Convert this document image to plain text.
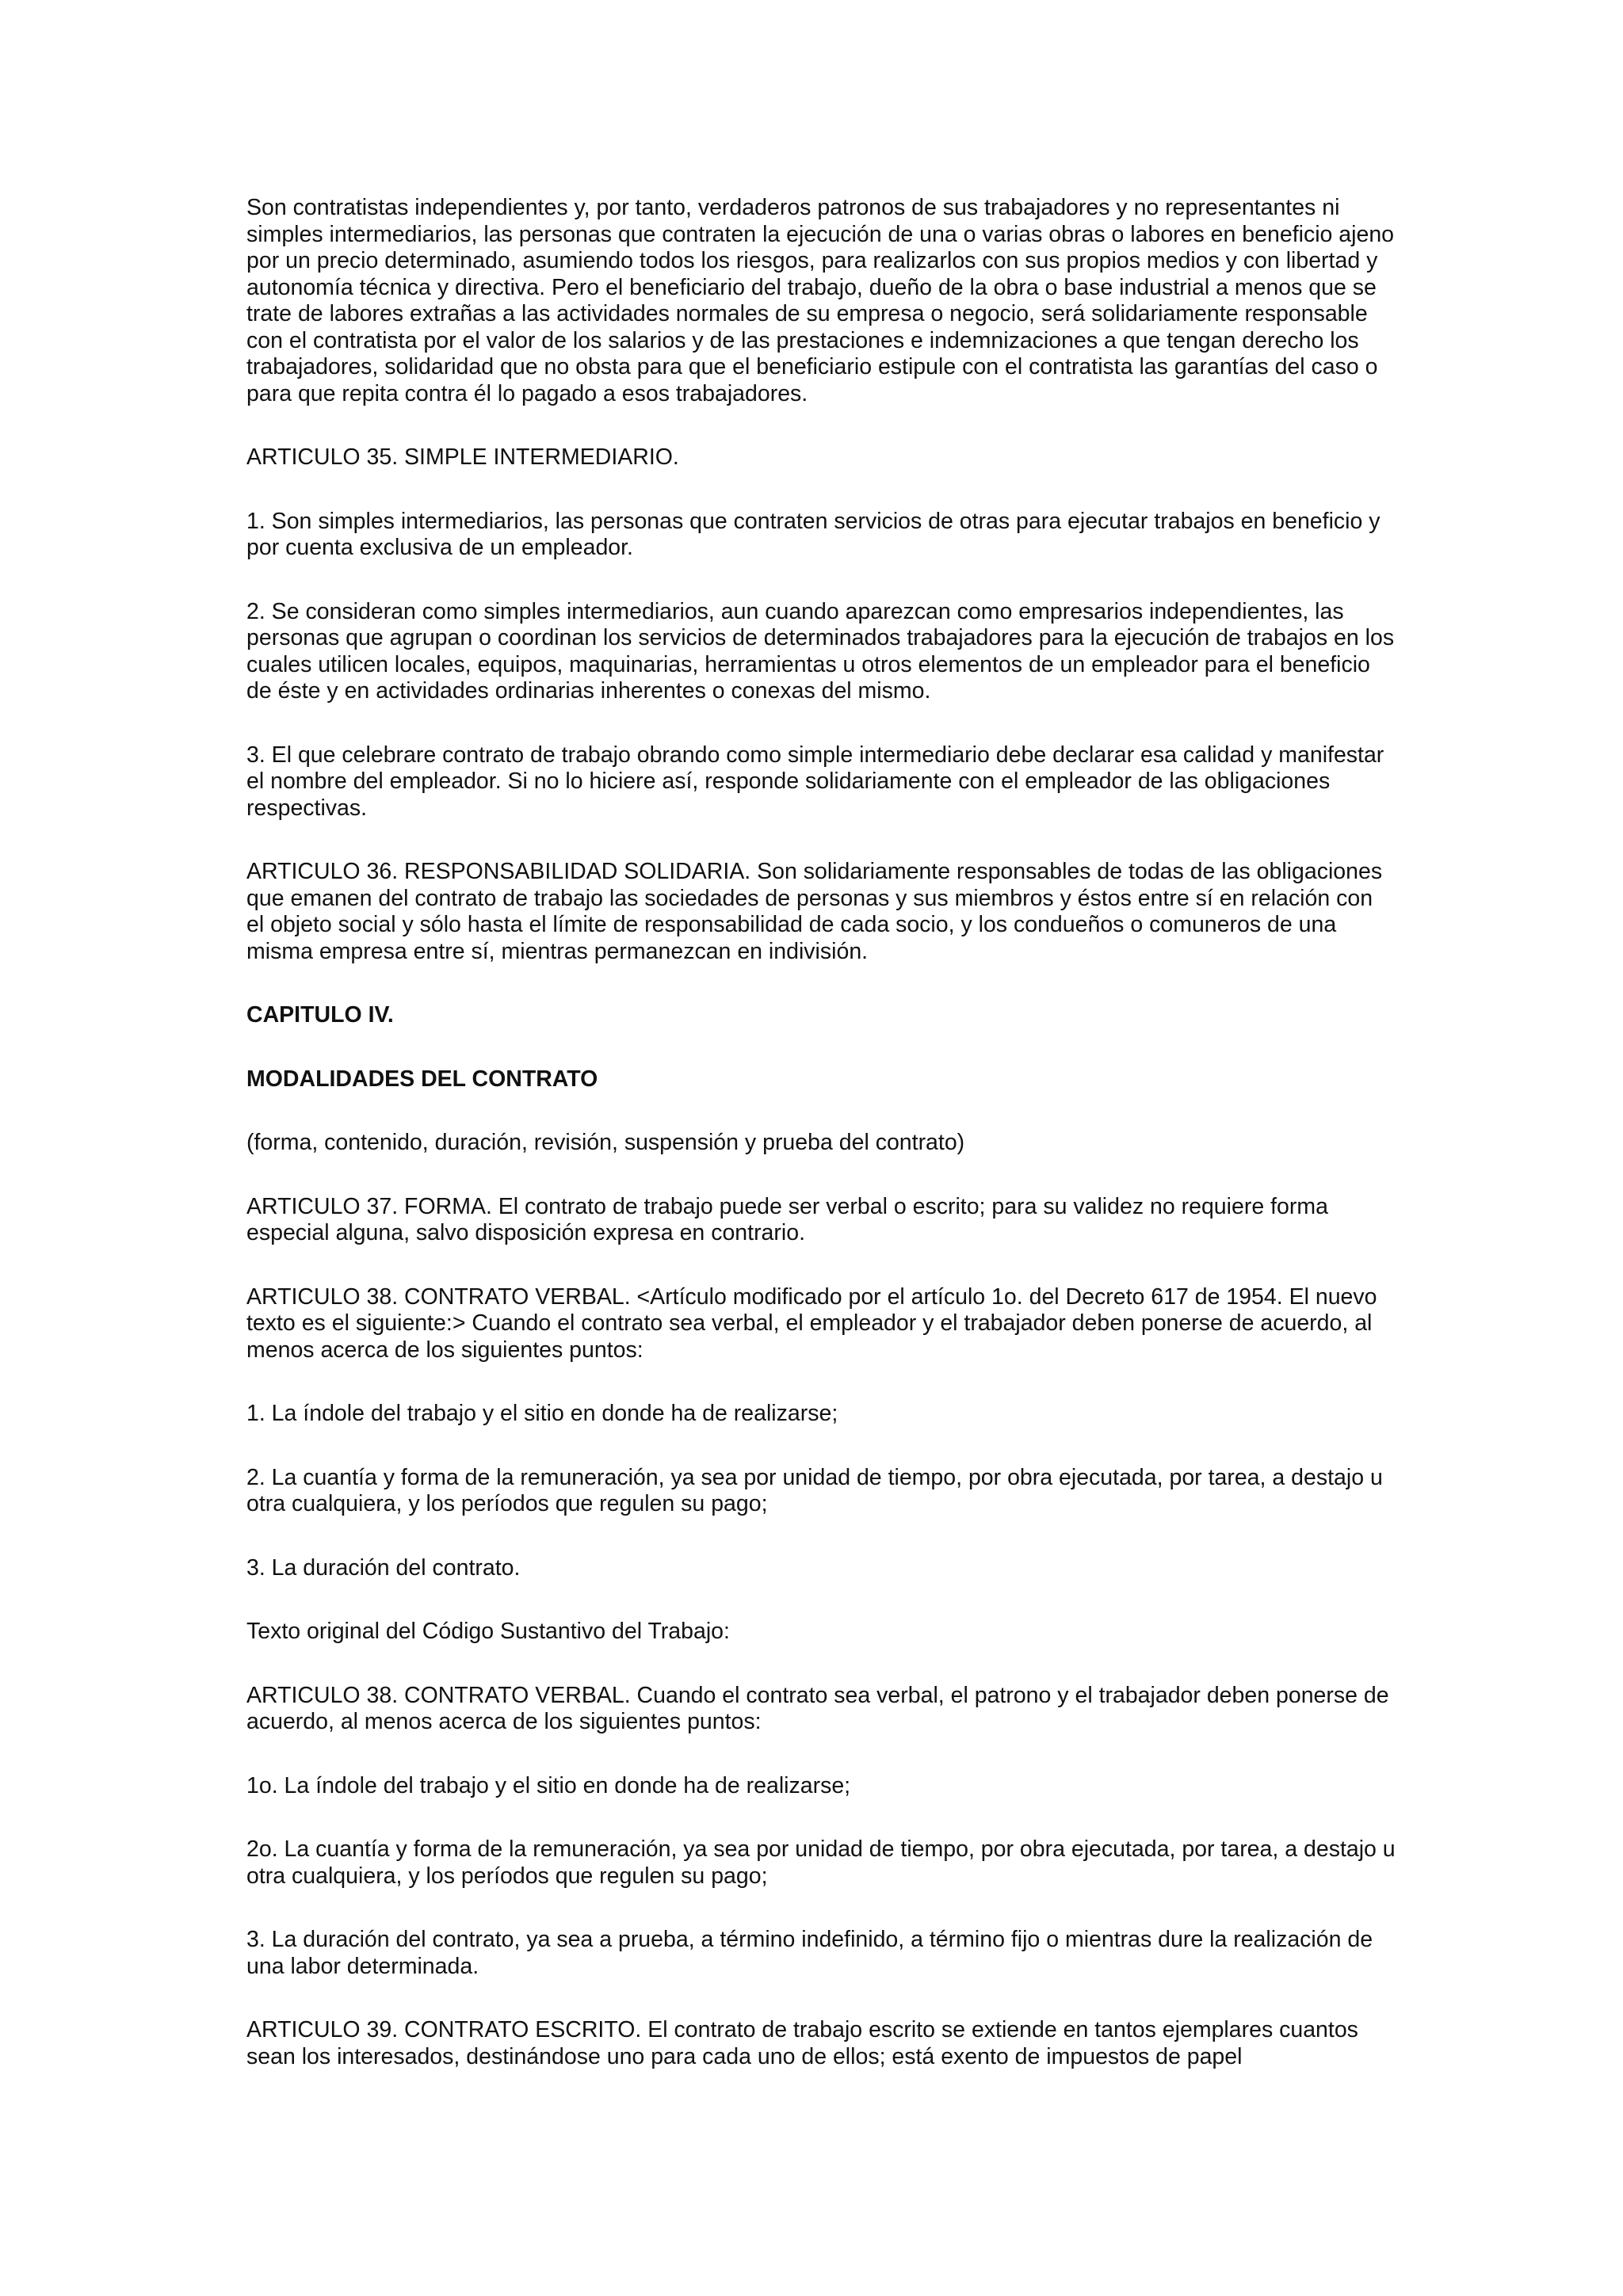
Son contratistas independientes y, por tanto, verdaderos patronos de sus trabajadores y no representantes ni simples intermediarios, las personas que contraten la ejecución de una o varias obras o labores en beneficio ajeno por un precio determinado, asumiendo todos los riesgos, para realizarlos con sus propios medios y con libertad y autonomía técnica y directiva. Pero el beneficiario del trabajo, dueño de la obra o base industrial a menos que se trate de labores extrañas a las actividades normales de su empresa o negocio, será solidariamente responsable con el contratista por el valor de los salarios y de las prestaciones e indemnizaciones a que tengan derecho los trabajadores, solidaridad que no obsta para que el beneficiario estipule con el contratista las garantías del caso o para que repita contra él lo pagado a esos trabajadores.

ARTICULO 35. SIMPLE INTERMEDIARIO.

1. Son simples intermediarios, las personas que contraten servicios de otras para ejecutar trabajos en beneficio y por cuenta exclusiva de un empleador.

2. Se consideran como simples intermediarios, aun cuando aparezcan como empresarios independientes, las personas que agrupan o coordinan los servicios de determinados trabajadores para la ejecución de trabajos en los cuales utilicen locales, equipos, maquinarias, herramientas u otros elementos de un empleador para el beneficio de éste y en actividades ordinarias inherentes o conexas del mismo.

3. El que celebrare contrato de trabajo obrando como simple intermediario debe declarar esa calidad y manifestar el nombre del empleador. Si no lo hiciere así, responde solidariamente con el empleador de las obligaciones respectivas.

ARTICULO 36. RESPONSABILIDAD SOLIDARIA. Son solidariamente responsables de todas de las obligaciones que emanen del contrato de trabajo las sociedades de personas y sus miembros y éstos entre sí en relación con el objeto social y sólo hasta el límite de responsabilidad de cada socio, y los condueños o comuneros de una misma empresa entre sí, mientras permanezcan en indivisión.

CAPITULO IV.

MODALIDADES DEL CONTRATO

(forma, contenido, duración, revisión, suspensión y prueba del contrato)

ARTICULO 37. FORMA. El contrato de trabajo puede ser verbal o escrito; para su validez no requiere forma especial alguna, salvo disposición expresa en contrario.

ARTICULO 38. CONTRATO VERBAL. <Artículo modificado por el artículo 1o. del Decreto 617 de 1954. El nuevo texto es el siguiente:> Cuando el contrato sea verbal, el empleador y el trabajador deben ponerse de acuerdo, al menos acerca de los siguientes puntos:

1. La índole del trabajo y el sitio en donde ha de realizarse;

2. La cuantía y forma de la remuneración, ya sea por unidad de tiempo, por obra ejecutada, por tarea, a destajo u otra cualquiera, y los períodos que regulen su pago;

3. La duración del contrato.

Texto original del Código Sustantivo del Trabajo:

ARTICULO 38. CONTRATO VERBAL. Cuando el contrato sea verbal, el patrono y el trabajador deben ponerse de acuerdo, al menos acerca de los siguientes puntos:

1o. La índole del trabajo y el sitio en donde ha de realizarse;

2o. La cuantía y forma de la remuneración, ya sea por unidad de tiempo, por obra ejecutada, por tarea, a destajo u otra cualquiera, y los períodos que regulen su pago;

3. La duración del contrato, ya sea a prueba, a término indefinido, a término fijo o mientras dure la realización de una labor determinada.

ARTICULO 39. CONTRATO ESCRITO. El contrato de trabajo escrito se extiende en tantos ejemplares cuantos sean los interesados, destinándose uno para cada uno de ellos; está exento de impuestos de papel
